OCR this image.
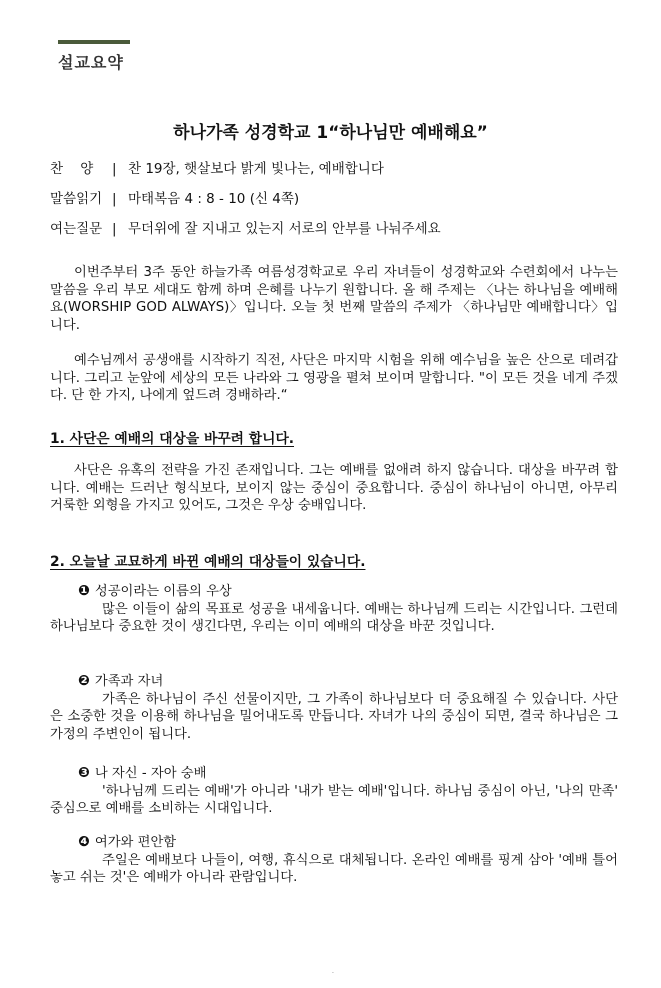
설교요약
하나가족 성경학교 1“하나님만 예배해요”
찬    양 | 찬 19장, 햇살보다 밝게 빛나는, 예배합니다
말씀읽기 | 마태복음 4 : 8 - 10 (신 4쪽)
여는질문 | 무더위에 잘 지내고 있는지 서로의 안부를 나눠주세요
이번주부터 3주 동안 하늘가족 여름성경학교로 우리 자녀들이 성경학교와 수련회에서 나누는 말씀을 우리 부모 세대도 함께 하며 은혜를 나누기 원합니다. 올 해 주제는 〈나는 하나님을 예배해요(WORSHIP GOD ALWAYS)〉입니다. 오늘 첫 번째 말씀의 주제가 〈하나님만 예배합니다〉입니다.
예수님께서 공생애를 시작하기 직전, 사단은 마지막 시험을 위해 예수님을 높은 산으로 데려갑니다. 그리고 눈앞에 세상의 모든 나라와 그 영광을 펼쳐 보이며 말합니다. "이 모든 것을 네게 주겠다. 단 한 가지, 나에게 엎드려 경배하라.“
1. 사단은 예배의 대상을 바꾸려 합니다.
사단은 유혹의 전략을 가진 존재입니다. 그는 예배를 없애려 하지 않습니다. 대상을 바꾸려 합니다. 예배는 드러난 형식보다, 보이지 않는 중심이 중요합니다. 중심이 하나님이 아니면, 아무리 거룩한 외형을 가지고 있어도, 그것은 우상 숭배입니다.
2. 오늘날 교묘하게 바뀐 예배의 대상들이 있습니다.
❶ 성공이라는 이름의 우상
많은 이들이 삶의 목표로 성공을 내세웁니다. 예배는 하나님께 드리는 시간입니다. 그런데 하나님보다 중요한 것이 생긴다면, 우리는 이미 예배의 대상을 바꾼 것입니다.
❷ 가족과 자녀
가족은 하나님이 주신 선물이지만, 그 가족이 하나님보다 더 중요해질 수 있습니다. 사단은 소중한 것을 이용해 하나님을 밀어내도록 만듭니다. 자녀가 나의 중심이 되면, 결국 하나님은 그 가정의 주변인이 됩니다.
❸ 나 자신 - 자아 숭배
'하나님께 드리는 예배'가 아니라 '내가 받는 예배'입니다. 하나님 중심이 아닌, '나의 만족' 중심으로 예배를 소비하는 시대입니다.
❹ 여가와 편안함
주일은 예배보다 나들이, 여행, 휴식으로 대체됩니다. 온라인 예배를 핑계 삼아 '예배 틀어놓고 쉬는 것'은 예배가 아니라 관람입니다.
.
